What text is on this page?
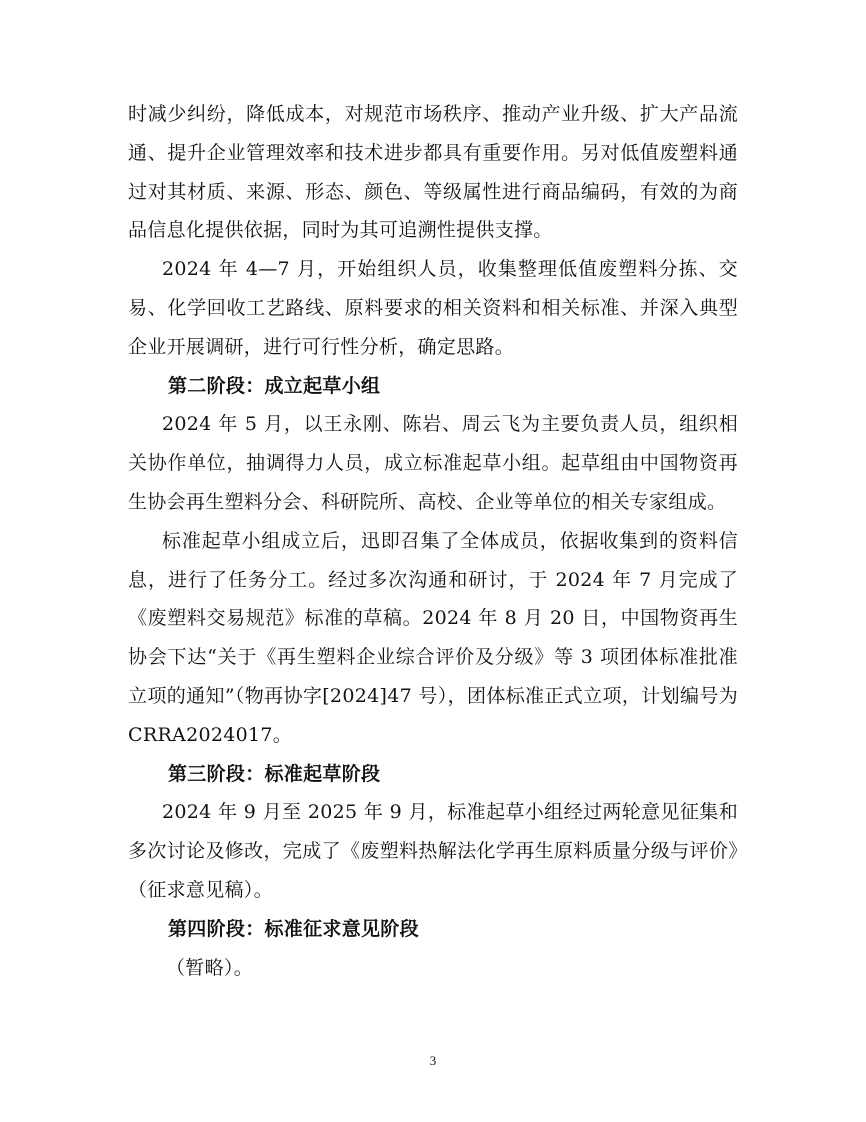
时减少纠纷，降低成本，对规范市场秩序、推动产业升级、扩大产品流通、提升企业管理效率和技术进步都具有重要作用。另对低值废塑料通过对其材质、来源、形态、颜色、等级属性进行商品编码，有效的为商品信息化提供依据，同时为其可追溯性提供支撑。

2024 年 4—7 月，开始组织人员，收集整理低值废塑料分拣、交易、化学回收工艺路线、原料要求的相关资料和相关标准、并深入典型企业开展调研，进行可行性分析，确定思路。

第二阶段：成立起草小组

2024 年 5 月，以王永刚、陈岩、周云飞为主要负责人员，组织相关协作单位，抽调得力人员，成立标准起草小组。起草组由中国物资再生协会再生塑料分会、科研院所、高校、企业等单位的相关专家组成。

标准起草小组成立后，迅即召集了全体成员，依据收集到的资料信息，进行了任务分工。经过多次沟通和研讨，于 2024 年 7 月完成了《废塑料交易规范》标准的草稿。2024 年 8 月 20 日，中国物资再生协会下达“关于《再生塑料企业综合评价及分级》等 3 项团体标准批准立项的通知”（物再协字[2024]47 号），团体标准正式立项，计划编号为CRRA2024017。

第三阶段：标准起草阶段

2024 年 9 月至 2025 年 9 月，标准起草小组经过两轮意见征集和多次讨论及修改，完成了《废塑料热解法化学再生原料质量分级与评价》（征求意见稿）。

第四阶段：标准征求意见阶段

（暂略）。

3
